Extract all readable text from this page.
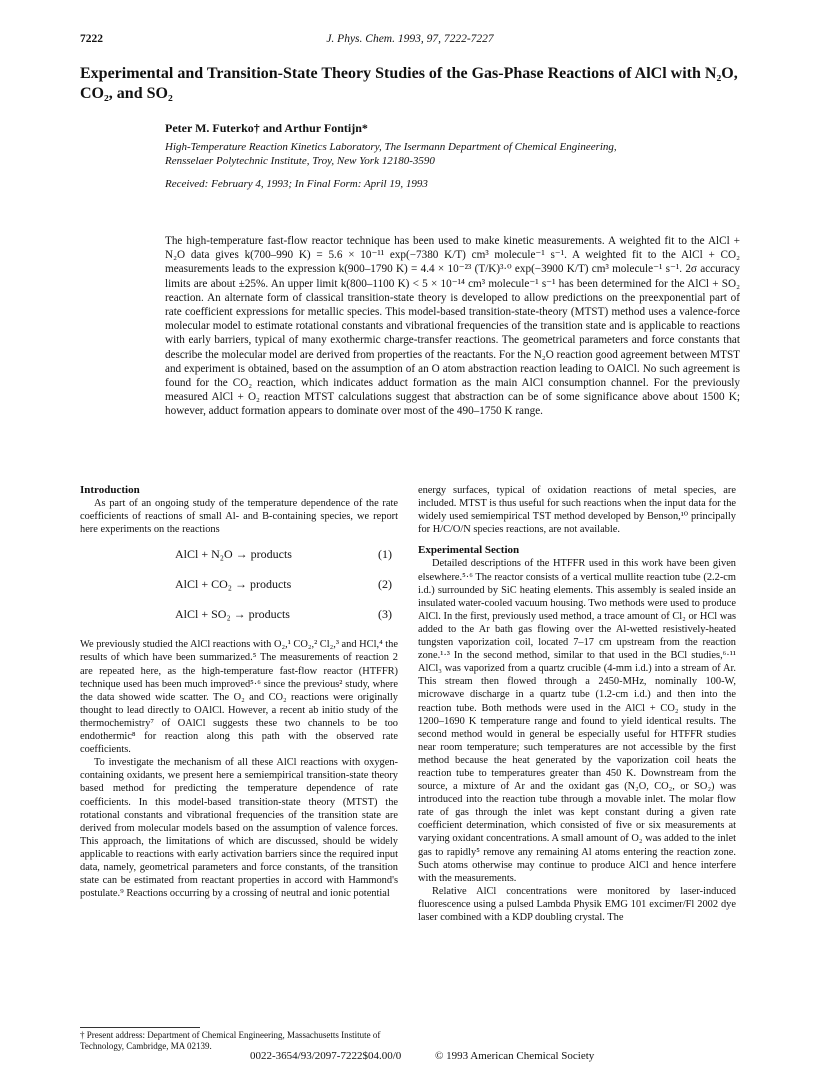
7222	J. Phys. Chem. 1993, 97, 7222-7227
Experimental and Transition-State Theory Studies of the Gas-Phase Reactions of AlCl with N₂O, CO₂, and SO₂
Peter M. Futerko† and Arthur Fontijn*
High-Temperature Reaction Kinetics Laboratory, The Isermann Department of Chemical Engineering,
Rensselaer Polytechnic Institute, Troy, New York 12180-3590
Received: February 4, 1993; In Final Form: April 19, 1993
The high-temperature fast-flow reactor technique has been used to make kinetic measurements. A weighted fit to the AlCl + N₂O data gives k(700–990 K) = 5.6 × 10⁻¹¹ exp(−7380 K/T) cm³ molecule⁻¹ s⁻¹. A weighted fit to the AlCl + CO₂ measurements leads to the expression k(900–1790 K) = 4.4 × 10⁻²³ (T/K)³·⁰ exp(−3900 K/T) cm³ molecule⁻¹ s⁻¹. 2σ accuracy limits are about ±25%. An upper limit k(800–1100 K) < 5 × 10⁻¹⁴ cm³ molecule⁻¹ s⁻¹ has been determined for the AlCl + SO₂ reaction. An alternate form of classical transition-state theory is developed to allow predictions on the preexponential part of rate coefficient expressions for metallic species. This model-based transition-state-theory (MTST) method uses a valence-force molecular model to estimate rotational constants and vibrational frequencies of the transition state and is applicable to reactions with early barriers, typical of many exothermic charge-transfer reactions. The geometrical parameters and force constants that describe the molecular model are derived from properties of the reactants. For the N₂O reaction good agreement between MTST and experiment is obtained, based on the assumption of an O atom abstraction reaction leading to OAlCl. No such agreement is found for the CO₂ reaction, which indicates adduct formation as the main AlCl consumption channel. For the previously measured AlCl + O₂ reaction MTST calculations suggest that abstraction can be of some significance above about 1500 K; however, adduct formation appears to dominate over most of the 490–1750 K range.

Introduction

As part of an ongoing study of the temperature dependence of the rate coefficients of reactions of small Al- and B-containing species, we report here experiments on the reactions

AlCl + N₂O → products	(1)
AlCl + CO₂ → products	(2)
AlCl + SO₂ → products	(3)

We previously studied the AlCl reactions with O₂,¹ CO₂,² Cl₂,³ and HCl,⁴ the results of which have been summarized.⁵ The measurements of reaction 2 are repeated here, as the high-temperature fast-flow reactor (HTFFR) technique used has been much improved⁵·⁶ since the previous² study, where the data showed wide scatter. The O₂ and CO₂ reactions were originally thought to lead directly to OAlCl. However, a recent ab initio study of the thermochemistry⁷ of OAlCl suggests these two channels to be too endothermic⁸ for reaction along this path with the observed rate coefficients.

To investigate the mechanism of all these AlCl reactions with oxygen-containing oxidants, we present here a semiempirical transition-state theory based method for predicting the temperature dependence of rate coefficients. In this model-based transition-state theory (MTST) the rotational constants and vibrational frequencies of the transition state are derived from molecular models based on the assumption of valence forces. This approach, the limitations of which are discussed, should be widely applicable to reactions with early activation barriers since the required input data, namely, geometrical parameters and force constants, of the transition state can be estimated from reactant properties in accord with Hammond's postulate.⁹ Reactions occurring by a crossing of neutral and ionic potential

energy surfaces, typical of oxidation reactions of metal species, are included. MTST is thus useful for such reactions when the input data for the widely used semiempirical TST method developed by Benson,¹⁰ principally for H/C/O/N species reactions, are not available.

Experimental Section

Detailed descriptions of the HTFFR used in this work have been given elsewhere.⁵·⁶ The reactor consists of a vertical mullite reaction tube (2.2-cm i.d.) surrounded by SiC heating elements. This assembly is sealed inside an insulated water-cooled vacuum housing. Two methods were used to produce AlCl. In the first, previously used method, a trace amount of Cl₂ or HCl was added to the Ar bath gas flowing over the Al-wetted resistively-heated tungsten vaporization coil, located 7–17 cm upstream from the reaction zone.¹·³ In the second method, similar to that used in the BCl studies,⁶·¹¹ AlCl₃ was vaporized from a quartz crucible (4-mm i.d.) into a stream of Ar. This stream then flowed through a 2450-MHz, nominally 100-W, microwave discharge in a quartz tube (1.2-cm i.d.) and then into the reaction tube. Both methods were used in the AlCl + CO₂ study in the 1200–1690 K temperature range and found to yield identical results. The second method would in general be especially useful for HTFFR studies near room temperature; such temperatures are not accessible by the first method because the heat generated by the vaporization coil heats the reaction tube to temperatures greater than 450 K. Downstream from the source, a mixture of Ar and the oxidant gas (N₂O, CO₂, or SO₂) was introduced into the reaction tube through a movable inlet. The molar flow rate of gas through the inlet was kept constant during a given rate coefficient determination, which consisted of five or six measurements at varying oxidant concentrations. A small amount of O₂ was added to the inlet gas to rapidly⁵ remove any remaining Al atoms entering the reaction zone. Such atoms otherwise may continue to produce AlCl and hence interfere with the measurements.

Relative AlCl concentrations were monitored by laser-induced fluorescence using a pulsed Lambda Physik EMG 101 excimer/Fl 2002 dye laser combined with a KDP doubling crystal. The

† Present address: Department of Chemical Engineering, Massachusetts Institute of Technology, Cambridge, MA 02139.
0022-3654/93/2097-7222$04.00/0	© 1993 American Chemical Society
